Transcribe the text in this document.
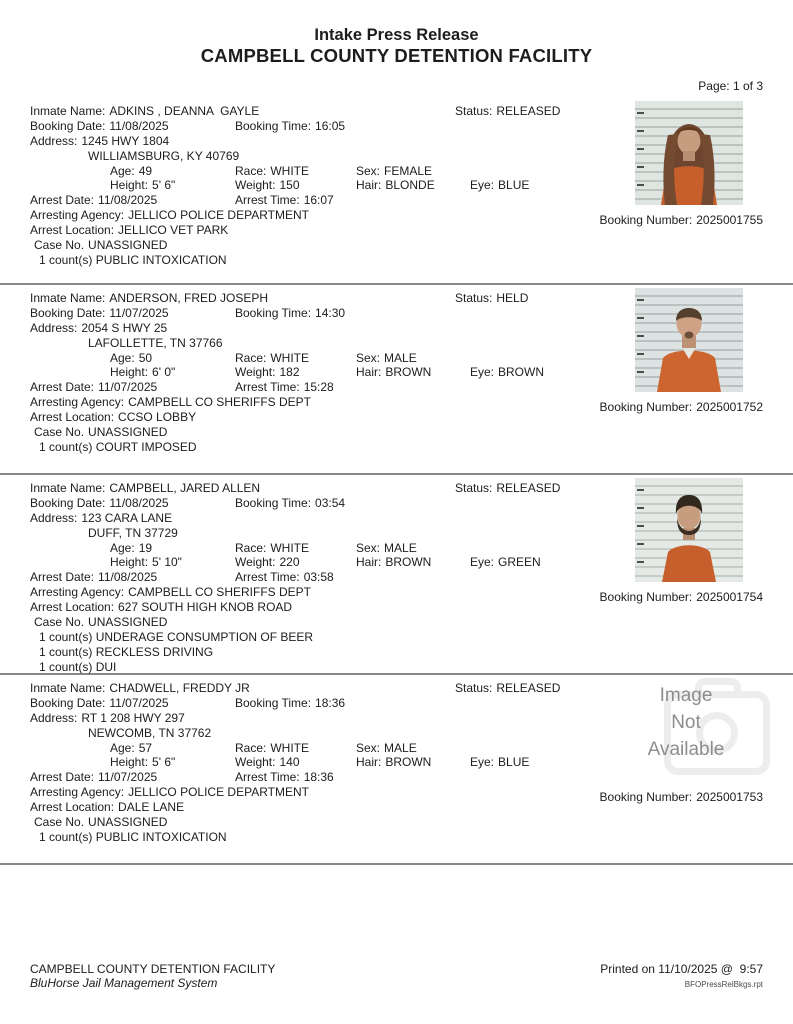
Intake Press Release
CAMPBELL COUNTY DETENTION FACILITY
Page: 1 of 3
Inmate Name: ADKINS , DEANNA  GAYLE
Booking Date: 11/08/2025	Booking Time: 16:05
Address: 1245 HWY 1804
WILLIAMSBURG, KY 40769
Age: 49	Race: WHITE	Sex: FEMALE
Height: 5' 6"	Weight: 150	Hair: BLONDE
Arrest Date: 11/08/2025	Arrest Time: 16:07
Arresting Agency: JELLICO POLICE DEPARTMENT
Arrest Location: JELLICO VET PARK
Case No. UNASSIGNED
1 count(s) PUBLIC INTOXICATION
Status: RELEASED
Eye: BLUE
Booking Number: 2025001755
Inmate Name: ANDERSON, FRED JOSEPH
Booking Date: 11/07/2025	Booking Time: 14:30
Address: 2054 S HWY 25
LAFOLLETTE, TN 37766
Age: 50	Race: WHITE	Sex: MALE
Height: 6' 0"	Weight: 182	Hair: BROWN
Arrest Date: 11/07/2025	Arrest Time: 15:28
Arresting Agency: CAMPBELL CO SHERIFFS DEPT
Arrest Location: CCSO LOBBY
Case No. UNASSIGNED
1 count(s) COURT IMPOSED
Status: HELD
Eye: BROWN
Booking Number: 2025001752
Inmate Name: CAMPBELL, JARED ALLEN
Booking Date: 11/08/2025	Booking Time: 03:54
Address: 123 CARA LANE
DUFF, TN 37729
Age: 19	Race: WHITE	Sex: MALE
Height: 5' 10"	Weight: 220	Hair: BROWN
Arrest Date: 11/08/2025	Arrest Time: 03:58
Arresting Agency: CAMPBELL CO SHERIFFS DEPT
Arrest Location: 627 SOUTH HIGH KNOB ROAD
Case No. UNASSIGNED
1 count(s) UNDERAGE CONSUMPTION OF BEER
1 count(s) RECKLESS DRIVING
1 count(s) DUI
Status: RELEASED
Eye: GREEN
Booking Number: 2025001754
Inmate Name: CHADWELL, FREDDY JR
Booking Date: 11/07/2025	Booking Time: 18:36
Address: RT 1 208 HWY 297
NEWCOMB, TN 37762
Age: 57	Race: WHITE	Sex: MALE
Height: 5' 6"	Weight: 140	Hair: BROWN
Arrest Date: 11/07/2025	Arrest Time: 18:36
Arresting Agency: JELLICO POLICE DEPARTMENT
Arrest Location: DALE LANE
Case No. UNASSIGNED
1 count(s) PUBLIC INTOXICATION
Status: RELEASED
Eye: BLUE
Image
Not
Available
Booking Number: 2025001753
CAMPBELL COUNTY DETENTION FACILITY
BluHorse Jail Management System
Printed on 11/10/2025 @  9:57
BFOPressRelBkgs.rpt
